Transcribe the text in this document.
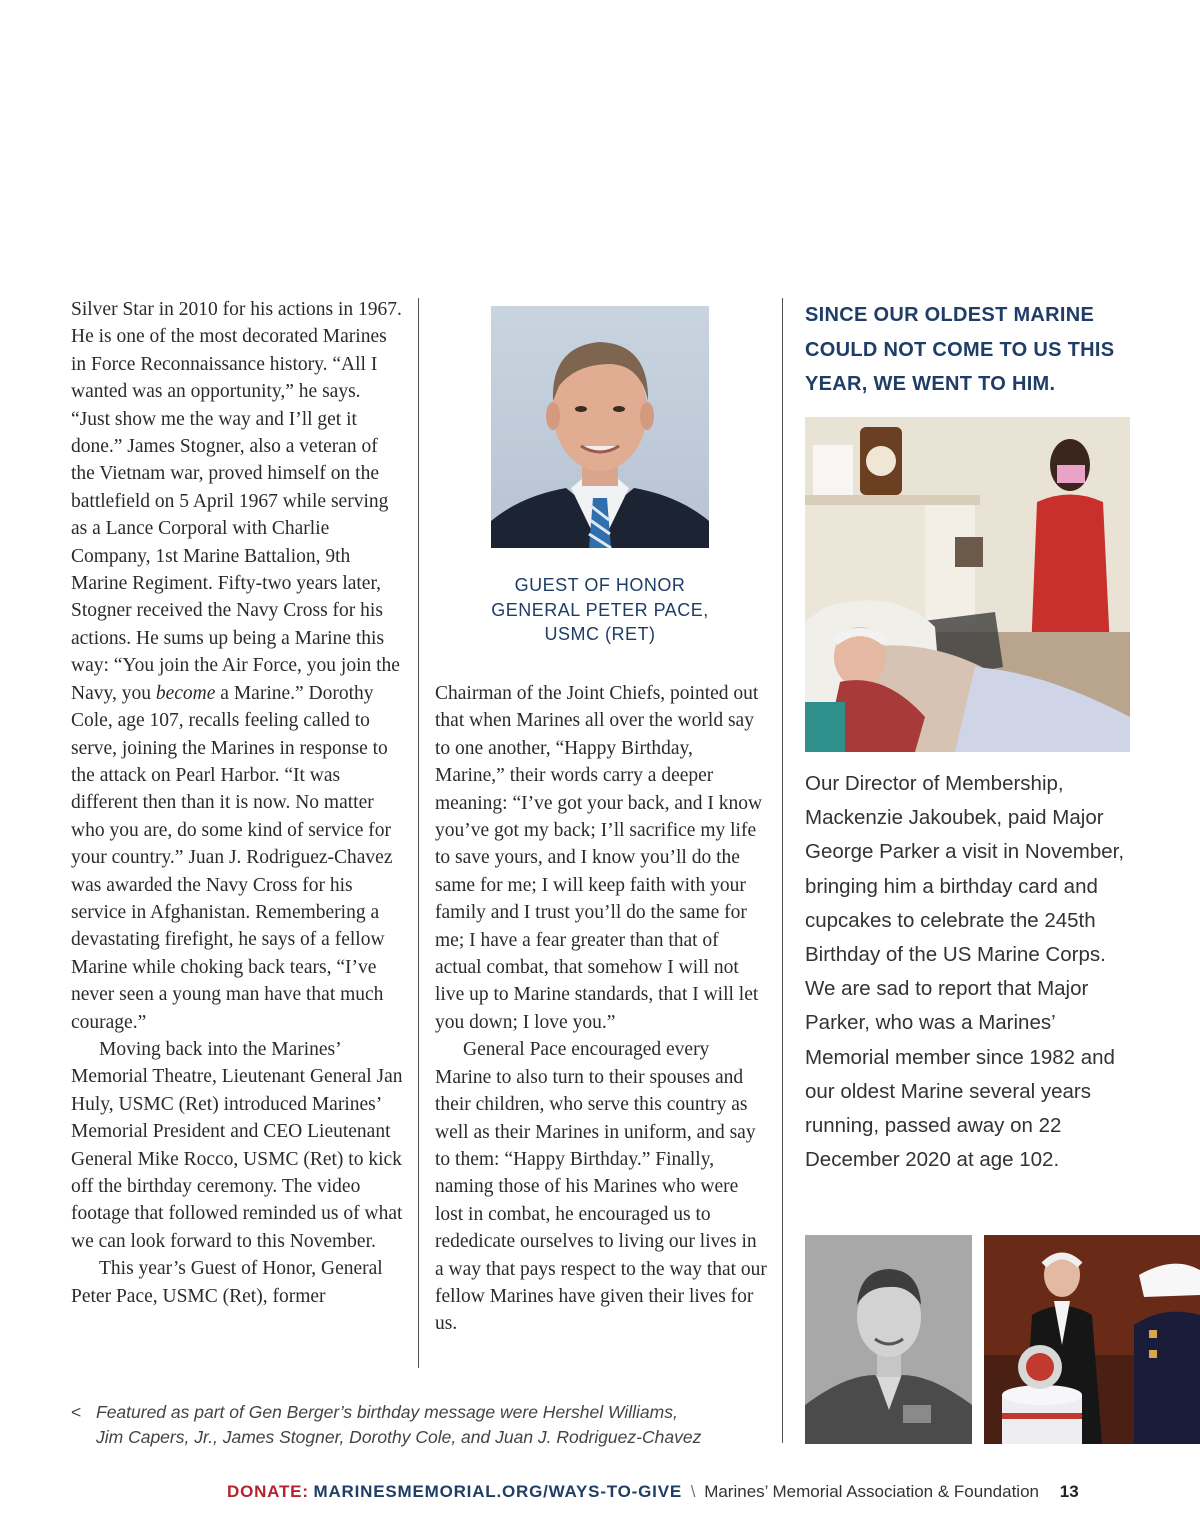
Silver Star in 2010 for his actions in 1967. He is one of the most decorated Marines in Force Reconnaissance history. “All I wanted was an opportunity,” he says. “Just show me the way and I’ll get it done.” James Stogner, also a veteran of the Vietnam war, proved himself on the battlefield on 5 April 1967 while serving as a Lance Corporal with Charlie Company, 1st Marine Battalion, 9th Marine Regiment. Fifty-two years later, Stogner received the Navy Cross for his actions. He sums up being a Marine this way: “You join the Air Force, you join the Navy, you become a Marine.” Dorothy Cole, age 107, recalls feeling called to serve, joining the Marines in response to the attack on Pearl Harbor. “It was different then than it is now. No matter who you are, do some kind of service for your country.” Juan J. Rodriguez-Chavez was awarded the Navy Cross for his service in Afghanistan. Remembering a devastating firefight, he says of a fellow Marine while choking back tears, “I’ve never seen a young man have that much courage.”

Moving back into the Marines’ Memorial Theatre, Lieutenant General Jan Huly, USMC (Ret) introduced Marines’ Memorial President and CEO Lieutenant General Mike Rocco, USMC (Ret) to kick off the birthday ceremony. The video footage that followed reminded us of what we can look forward to this November.

This year’s Guest of Honor, General Peter Pace, USMC (Ret), former

GUEST OF HONOR
GENERAL PETER PACE,
USMC (RET)

Chairman of the Joint Chiefs, pointed out that when Marines all over the world say to one another, “Happy Birthday, Marine,” their words carry a deeper meaning: “I’ve got your back, and I know you’ve got my back; I’ll sacrifice my life to save yours, and I know you’ll do the same for me; I will keep faith with your family and I trust you’ll do the same for me; I have a fear greater than that of actual combat, that somehow I will not live up to Marine standards, that I will let you down; I love you.”

General Pace encouraged every Marine to also turn to their spouses and their children, who serve this country as well as their Marines in uniform, and say to them: “Happy Birthday.” Finally, naming those of his Marines who were lost in combat, he encouraged us to rededicate ourselves to living our lives in a way that pays respect to the way that our fellow Marines have given their lives for us.

SINCE OUR OLDEST MARINE COULD NOT COME TO US THIS YEAR, WE WENT TO HIM.
Our Director of Membership, Mackenzie Jakoubek, paid Major George Parker a visit in November, bringing him a birthday card and cupcakes to celebrate the 245th Birthday of the US Marine Corps. We are sad to report that Major Parker, who was a Marines’ Memorial member since 1982 and our oldest Marine several years running, passed away on 22 December 2020 at age 102.
< Featured as part of Gen Berger’s birthday message were Hershel Williams,
Jim Capers, Jr., James Stogner, Dorothy Cole, and Juan J. Rodriguez-Chavez
DONATE: MARINESMEMORIAL.ORG/WAYS-TO-GIVE \ Marines’ Memorial Association & Foundation 13
